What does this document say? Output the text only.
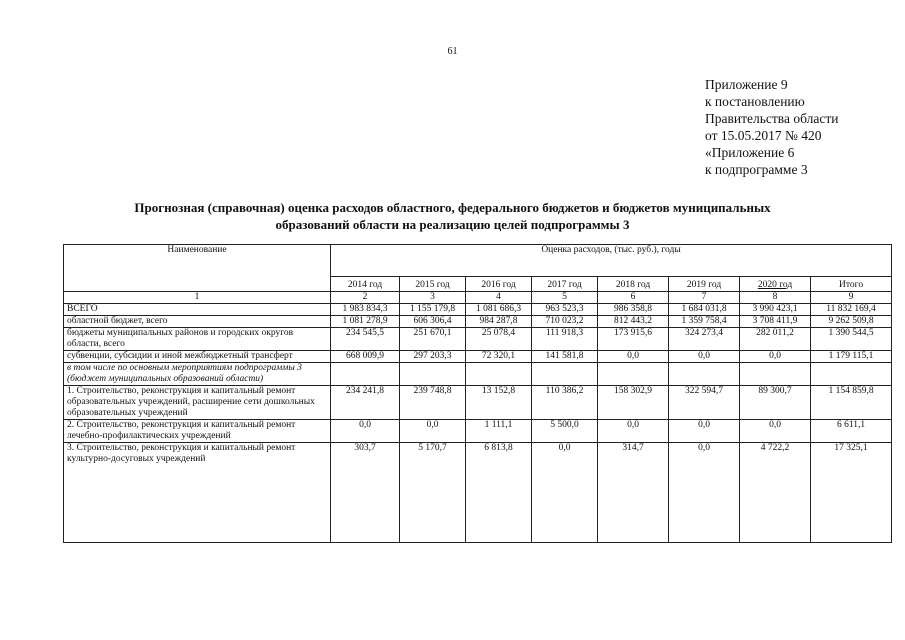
61
Приложение 9
к постановлению
Правительства области
от 15.05.2017 № 420
«Приложение 6
к подпрограмме 3
Прогнозная (справочная) оценка расходов областного, федерального бюджетов и бюджетов муниципальных
образований области на реализацию целей подпрограммы 3
Наименование	Оценка расходов, (тыс. руб.), годы							
	2014 год	2015 год	2016 год	2017 год	2018 год	2019 год	2020 год	Итого
1	2	3	4	5	6	7	8	9
ВСЕГО	1 983 834,3	1 155 179,8	1 081 686,3	963 523,3	986 358,8	1 684 031,8	3 990 423,1	11 832 169,4
областной бюджет, всего	1 081 278,9	606 306,4	984 287,8	710 023,2	812 443,2	1 359 758,4	3 708 411,9	9 262 509,8
бюджеты муниципальных районов и городских округов области, всего	234 545,5	251 670,1	25 078,4	111 918,3	173 915,6	324 273,4	282 011,2	1 390 544,5
субвенции, субсидии и иной межбюджетный трансферт	668 009,9	297 203,3	72 320,1	141 581,8	0,0	0,0	0,0	1 179 115,1
в том числе по основным мероприятиям подпрограммы 3 (бюджет муниципальных образований области)								
1. Строительство, реконструкция и капитальный ремонт образовательных учреждений, расширение сети дошкольных образовательных учреждений	234 241,8	239 748,8	13 152,8	110 386,2	158 302,9	322 594,7	89 300,7	1 154 859,8
2. Строительство, реконструкция и капитальный ремонт лечебно-профилактических учреждений	0,0	0,0	1 111,1	5 500,0	0,0	0,0	0,0	6 611,1
3. Строительство, реконструкция и капитальный ремонт культурно-досуговых учреждений	303,7	5 170,7	6 813,8	0,0	314,7	0,0	4 722,2	17 325,1
